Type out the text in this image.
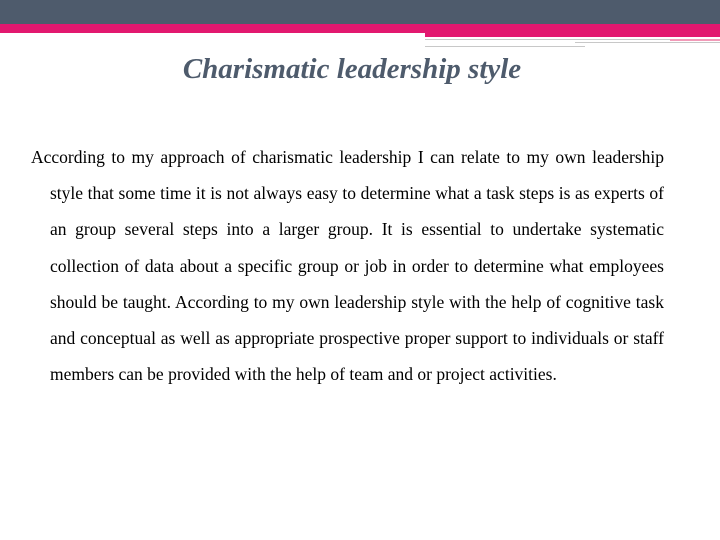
Charismatic leadership style

According to my approach of charismatic leadership I can relate to my own leadership style that some time it is not always easy to determine what a task steps is as experts of an group several steps into a larger group. It is essential to undertake systematic collection of data about a specific group or job in order to determine what employees should be taught. According to my own leadership style with the help of cognitive task and conceptual as well as appropriate prospective proper support to individuals or staff members can be provided with the help of team and or project activities.
